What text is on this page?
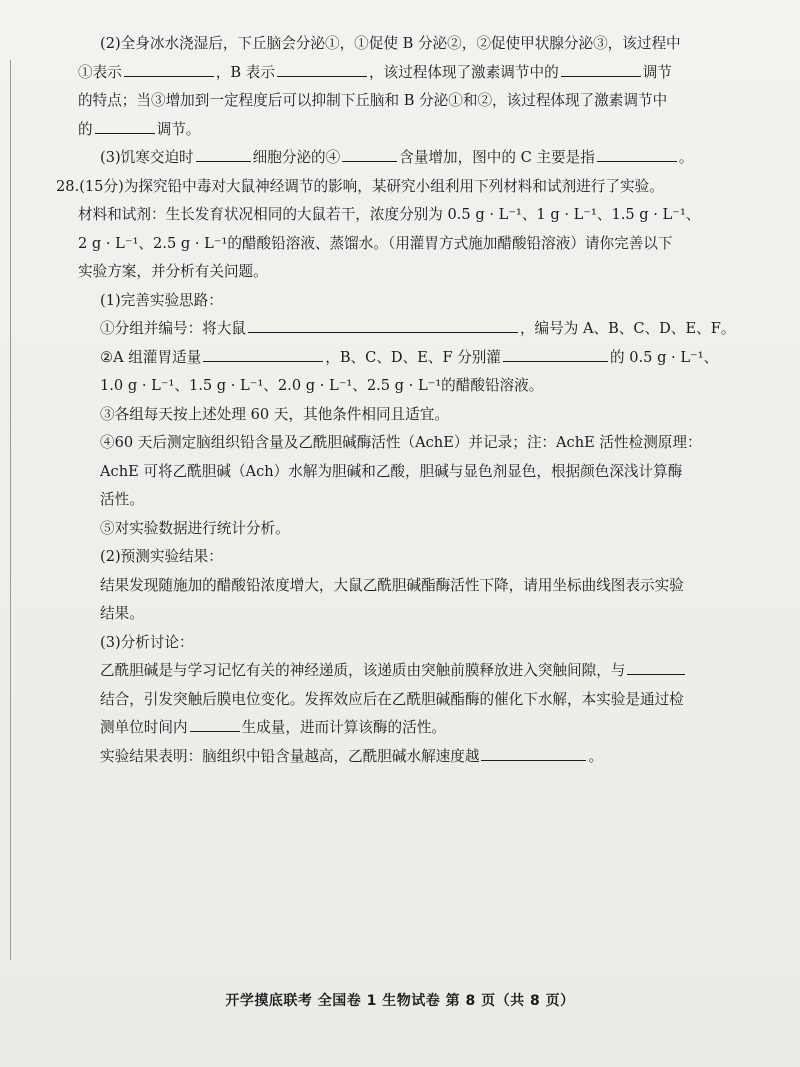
(2)全身冰水浇湿后，下丘脑会分泌①，①促使 B 分泌②，②促使甲状腺分泌③，该过程中

①表示	，B 表示	，该过程体现了激素调节中的	调节

的特点；当③增加到一定程度后可以抑制下丘脑和 B 分泌①和②，该过程体现了激素调节中

的	调节。

(3)饥寒交迫时	细胞分泌的④	含量增加，图中的 C 主要是指	。

28.(15分)为探究铅中毒对大鼠神经调节的影响，某研究小组利用下列材料和试剂进行了实验。

材料和试剂：生长发育状况相同的大鼠若干，浓度分别为 0.5 g · L⁻¹、1 g · L⁻¹、1.5 g · L⁻¹、

2 g · L⁻¹、2.5 g · L⁻¹的醋酸铅溶液、蒸馏水。（用灌胃方式施加醋酸铅溶液）请你完善以下

实验方案，并分析有关问题。

(1)完善实验思路：

①分组并编号：将大鼠	，编号为 A、B、C、D、E、F。

②A 组灌胃适量	，B、C、D、E、F 分别灌	的 0.5 g · L⁻¹、

1.0 g · L⁻¹、1.5 g · L⁻¹、2.0 g · L⁻¹、2.5 g · L⁻¹的醋酸铅溶液。

③各组每天按上述处理 60 天，其他条件相同且适宜。

④60 天后测定脑组织铅含量及乙酰胆碱酶活性（AchE）并记录；注：AchE 活性检测原理：

AchE 可将乙酰胆碱（Ach）水解为胆碱和乙酸，胆碱与显色剂显色，根据颜色深浅计算酶

活性。

⑤对实验数据进行统计分析。

(2)预测实验结果：

结果发现随施加的醋酸铅浓度增大，大鼠乙酰胆碱酯酶活性下降，请用坐标曲线图表示实验

结果。

(3)分析讨论：

乙酰胆碱是与学习记忆有关的神经递质，该递质由突触前膜释放进入突触间隙，与

结合，引发突触后膜电位变化。发挥效应后在乙酰胆碱酯酶的催化下水解，本实验是通过检

测单位时间内	生成量，进而计算该酶的活性。

实验结果表明：脑组织中铅含量越高，乙酰胆碱水解速度越	。

开学摸底联考 全国卷 1 生物试卷 第 8 页（共 8 页）
